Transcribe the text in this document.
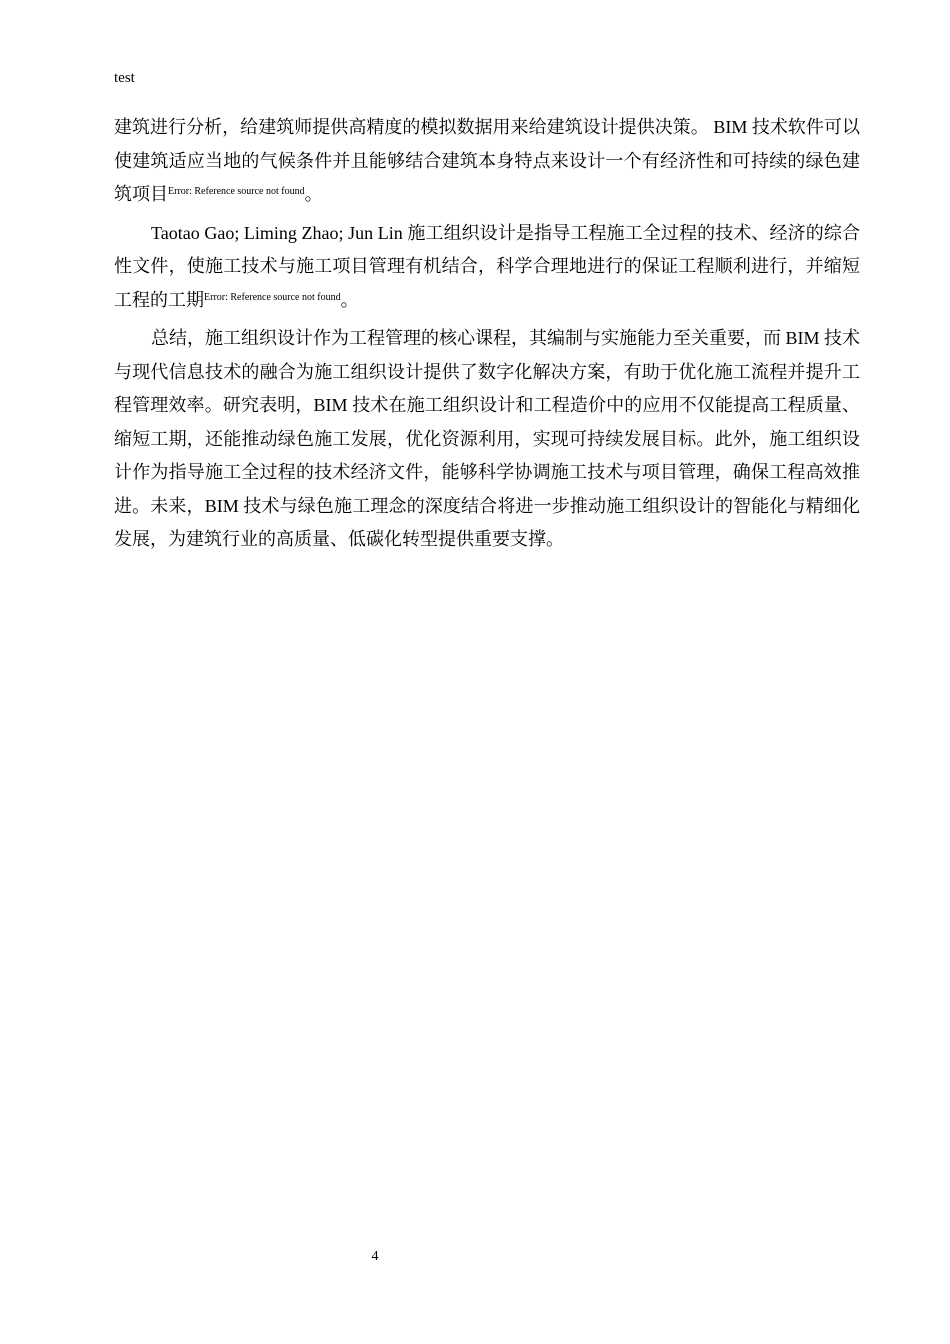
test

建筑进行分析，给建筑师提供高精度的模拟数据用来给建筑设计提供决策。 BIM 技术软件可以使建筑适应当地的气候条件并且能够结合建筑本身特点来设计一个有经济性和可持续的绿色建筑项目$^{Error: Reference source not found}$。

Taotao Gao; Liming Zhao; Jun Lin 施工组织设计是指导工程施工全过程的技术、经济的综合性文件，使施工技术与施工项目管理有机结合，科学合理地进行的保证工程顺利进行，并缩短工程的工期$^{Error: Reference source not found}$。

总结，施工组织设计作为工程管理的核心课程，其编制与实施能力至关重要，而 BIM 技术与现代信息技术的融合为施工组织设计提供了数字化解决方案，有助于优化施工流程并提升工程管理效率。研究表明，BIM 技术在施工组织设计和工程造价中的应用不仅能提高工程质量、缩短工期，还能推动绿色施工发展，优化资源利用，实现可持续发展目标。此外，施工组织设计作为指导施工全过程的技术经济文件，能够科学协调施工技术与项目管理，确保工程高效推进。未来，BIM 技术与绿色施工理念的深度结合将进一步推动施工组织设计的智能化与精细化发展，为建筑行业的高质量、低碳化转型提供重要支撑。

4
